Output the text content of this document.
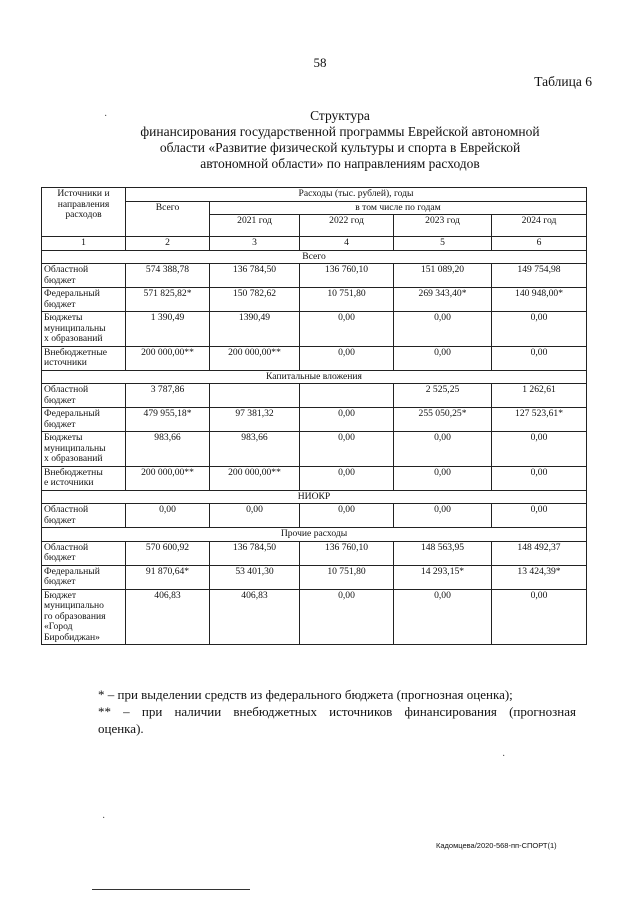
58
Таблица 6
Структура
финансирования государственной программы Еврейской автономной
области «Развитие физической культуры и спорта в Еврейской
автономной области» по направлениям расходов
Источники и
направления
расходов	Расходы (тыс. рублей), годы				
	Всего	в том числе по годам			
		2021 год	2022 год	2023 год	2024 год
1	2	3	4	5	6
Всего					
Областной
бюджет	574 388,78	136 784,50	136 760,10	151 089,20	149 754,98
Федеральный
бюджет	571 825,82*	150 782,62	10 751,80	269 343,40*	140 948,00*
Бюджеты
муниципальны
х образований	1 390,49	1390,49	0,00	0,00	0,00
Внебюджетные
источники	200 000,00**	200 000,00**	0,00	0,00	0,00
Капитальные вложения					
Областной
бюджет	3 787,86			2 525,25	1 262,61
Федеральный
бюджет	479 955,18*	97 381,32	0,00	255 050,25*	127 523,61*
Бюджеты
муниципальны
х образований	983,66	983,66	0,00	0,00	0,00
Внебюджетны
е источники	200 000,00**	200 000,00**	0,00	0,00	0,00
НИОКР					
Областной
бюджет	0,00	0,00	0,00	0,00	0,00
Прочие расходы					
Областной
бюджет	570 600,92	136 784,50	136 760,10	148 563,95	148 492,37
Федеральный
бюджет	91 870,64*	53 401,30	10 751,80	14 293,15*	13 424,39*
Бюджет
муниципально
го образования
«Город
Биробиджан»	406,83	406,83	0,00	0,00	0,00

* – при выделении средств из федерального бюджета (прогнозная оценка);

** – при наличии внебюджетных источников финансирования (прогнозная

оценка).

·
·
·
Кадомцева/2020-568-пп-СПОРТ(1)
